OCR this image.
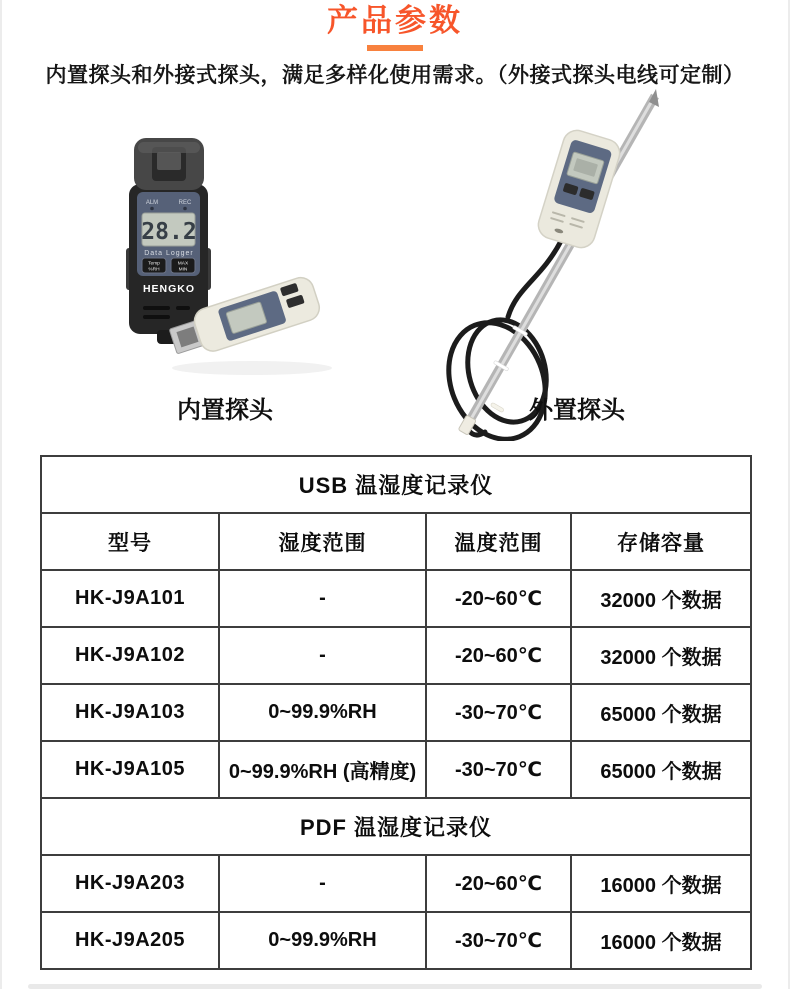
产品参数
内置探头和外接式探头，满足多样化使用需求。（外接式探头电线可定制）
ALM	REC
28.2
Data Logger
Temp
%RH
MAX
MIN
HENGKO
内置探头	外置探头
USB 温湿度记录仪			
型号	湿度范围	温度范围	存储容量
HK-J9A101	-	-20~60℃	32000 个数据
HK-J9A102	-	-20~60℃	32000 个数据
HK-J9A103	0~99.9%RH	-30~70℃	65000 个数据
HK-J9A105	0~99.9%RH (高精度)	-30~70℃	65000 个数据
PDF 温湿度记录仪			
HK-J9A203	-	-20~60℃	16000 个数据
HK-J9A205	0~99.9%RH	-30~70℃	16000 个数据
